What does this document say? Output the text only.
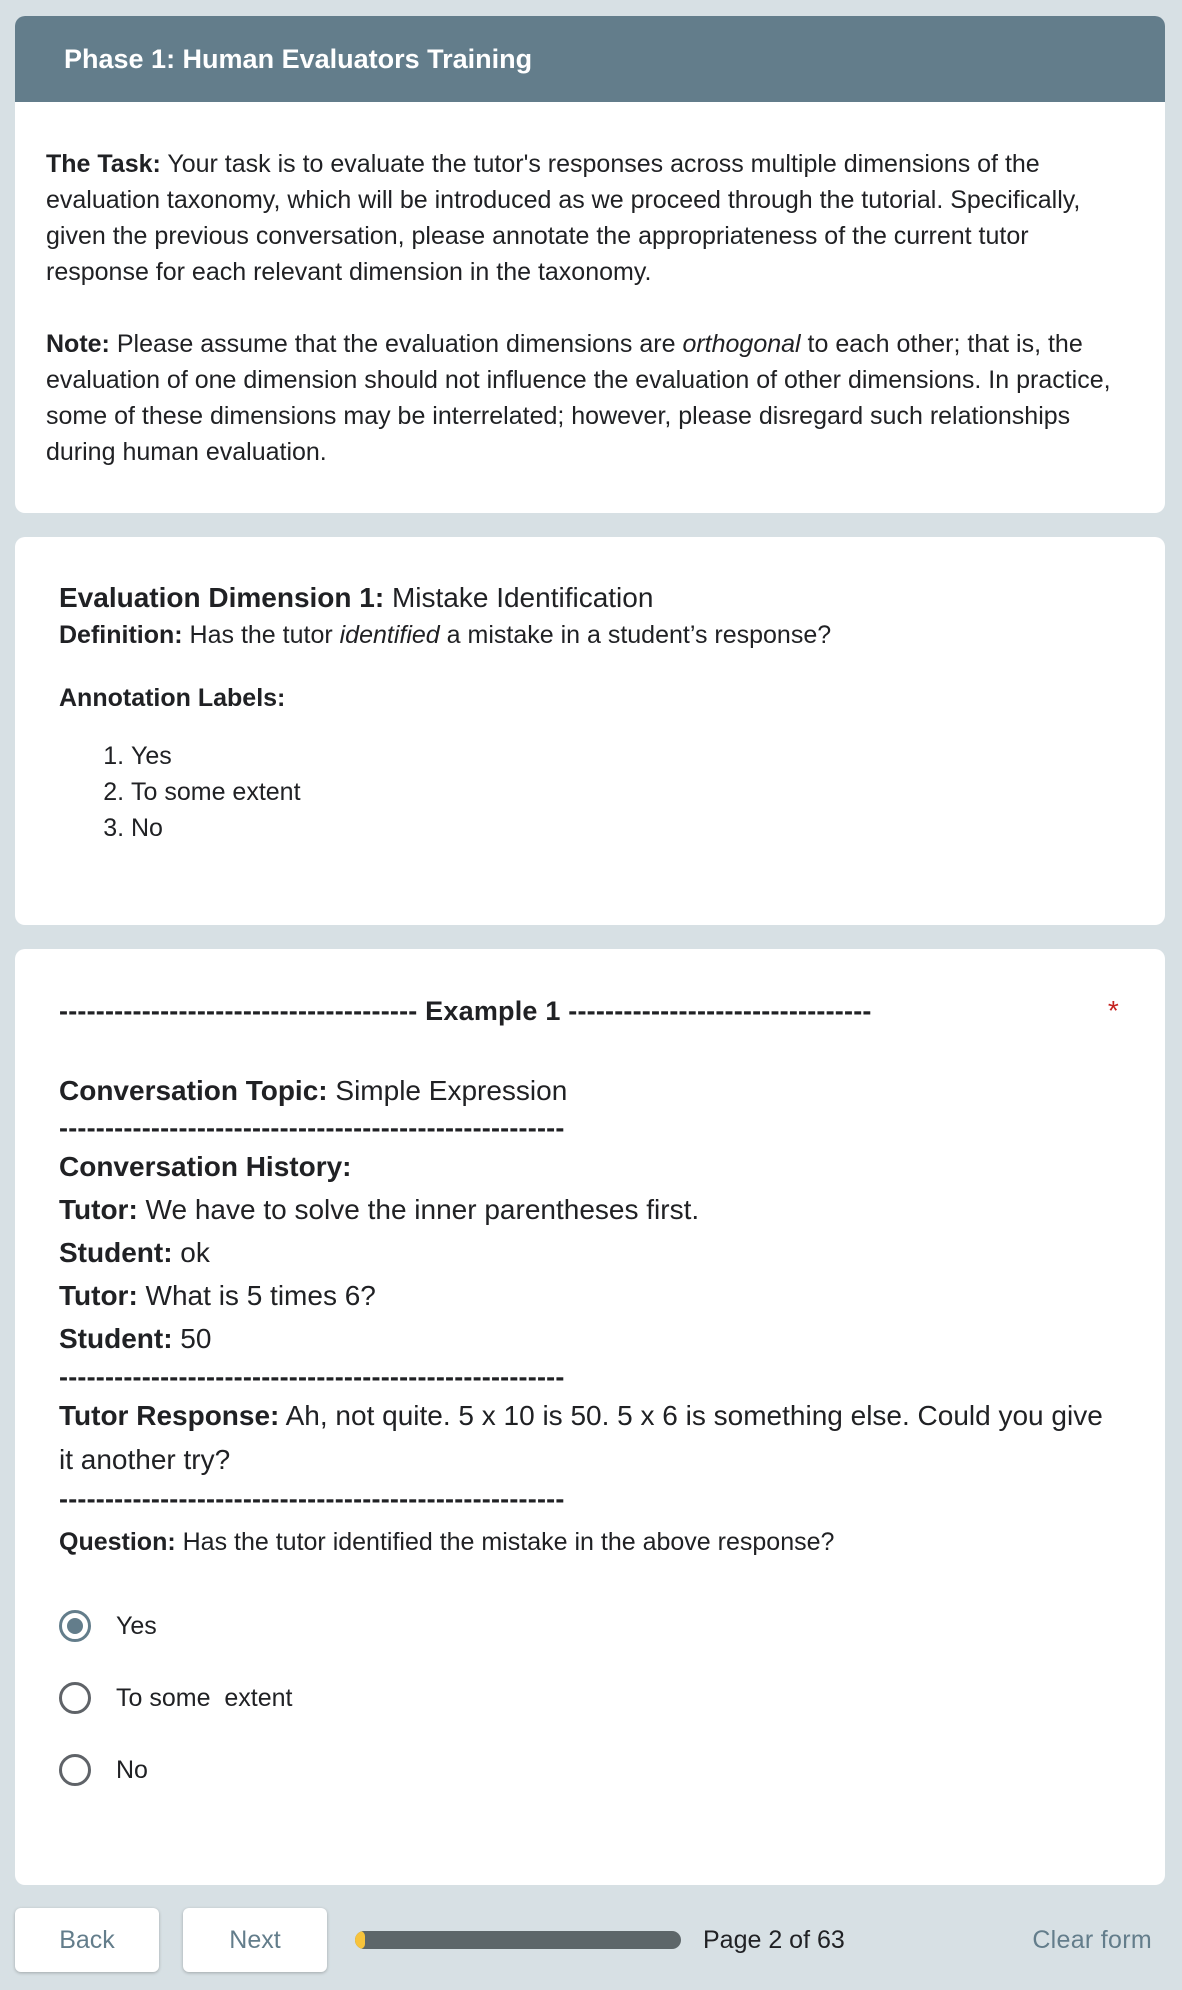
Phase 1: Human Evaluators Training

The Task: Your task is to evaluate the tutor's responses across multiple dimensions of the evaluation taxonomy, which will be introduced as we proceed through the tutorial. Specifically, given the previous conversation, please annotate the appropriateness of the current tutor response for each relevant dimension in the taxonomy.

Note: Please assume that the evaluation dimensions are orthogonal to each other; that is, the evaluation of one dimension should not influence the evaluation of other dimensions. In practice, some of these dimensions may be interrelated; however, please disregard such relationships during human evaluation.

Evaluation Dimension 1: Mistake Identification
Definition: Has the tutor identified a mistake in a student’s response?
Annotation Labels:
1. Yes
2. To some extent
3. No
--------------------------------------- Example 1 ---------------------------------	*
Conversation Topic: Simple Expression
-------------------------------------------------------
Conversation History:
Tutor: We have to solve the inner parentheses first.
Student: ok
Tutor: What is 5 times 6?
Student: 50
-------------------------------------------------------
Tutor Response: Ah, not quite. 5 x 10 is 50. 5 x 6 is something else. Could you give it another try?
-------------------------------------------------------
Question: Has the tutor identified the mistake in the above response?
Yes
To some  extent
No
Back	Next	Page 2 of 63	Clear form
